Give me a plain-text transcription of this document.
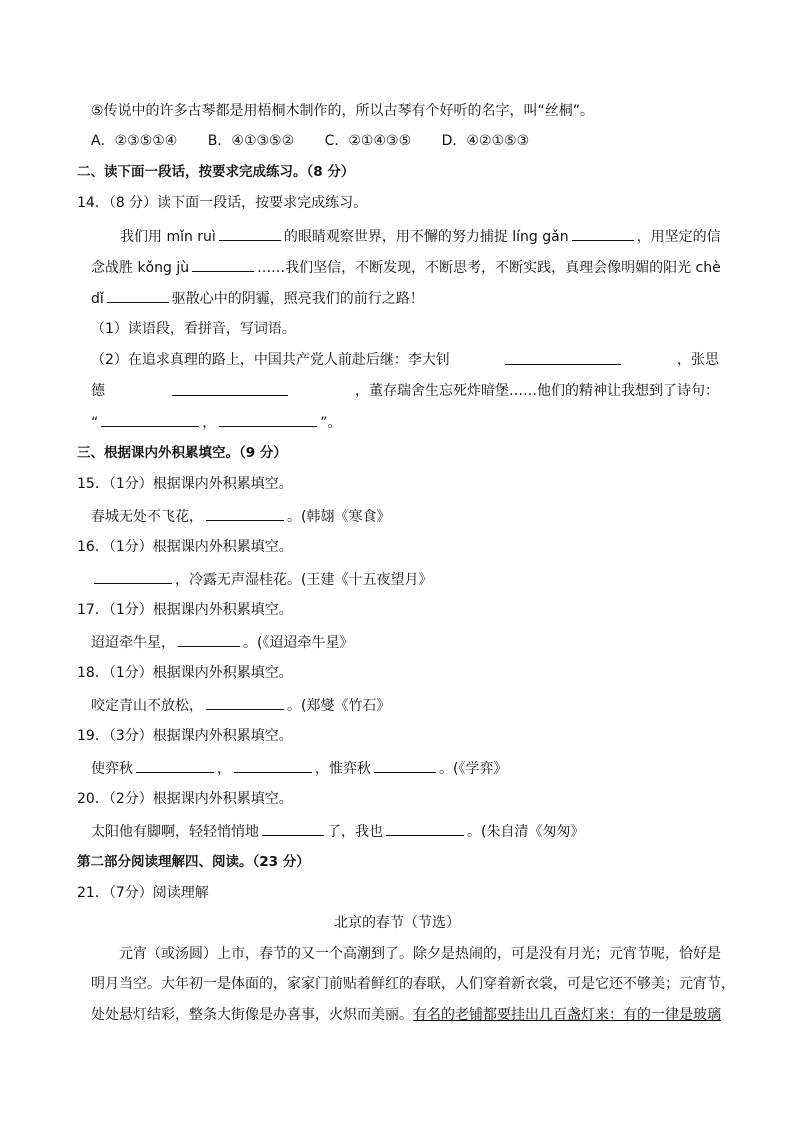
⑤传说中的许多古琴都是用梧桐木制作的，所以古琴有个好听的名字，叫“丝桐”。
A．②③⑤①④ B．④①③⑤② C．②①④③⑤ D．④②①⑤③
二、读下面一段话，按要求完成练习。（8 分）
14．（8 分）读下面一段话，按要求完成练习。
我们用 mǐn ruì	的眼睛观察世界，用不懈的努力捕捉 líng gǎn	，用坚定的信
念战胜 kǒng jù	……我们坚信，不断发现，不断思考，不断实践，真理会像明媚的阳光 chè
dǐ	驱散心中的阴霾，照亮我们的前行之路！
（1）读语段，看拼音，写词语。
（2）在追求真理的路上，中国共产党人前赴后继：李大钊	，张思
德	，董存瑞舍生忘死炸暗堡……他们的精神让我想到了诗句：
“	，	”。
三、根据课内外积累填空。（9 分）
15．（1分）根据课内外积累填空。
春城无处不飞花，	。(韩翃《寒食》
16．（1分）根据课内外积累填空。
，冷露无声湿桂花。(王建《十五夜望月》
17．（1分）根据课内外积累填空。
迢迢牵牛星，	。(《迢迢牵牛星》
18．（1分）根据课内外积累填空。
咬定青山不放松，	。(郑燮《竹石》
19．（3分）根据课内外积累填空。
使弈秋	，	，惟弈秋	。(《学弈》
20．（2分）根据课内外积累填空。
太阳他有脚啊，轻轻悄悄地	了，我也	。(朱自清《匆匆》
第二部分阅读理解四、阅读。（23 分）
21．（7分）阅读理解
北京的春节（节选）
元宵（或汤圆）上市，春节的又一个高潮到了。除夕是热闹的，可是没有月光；元宵节呢，恰好是
明月当空。大年初一是体面的，家家门前贴着鲜红的春联，人们穿着新衣裳，可是它还不够美；元宵节，
处处悬灯结彩，整条大街像是办喜事，火炽而美丽。有名的老铺都要挂出几百盏灯来：有的一律是玻璃
